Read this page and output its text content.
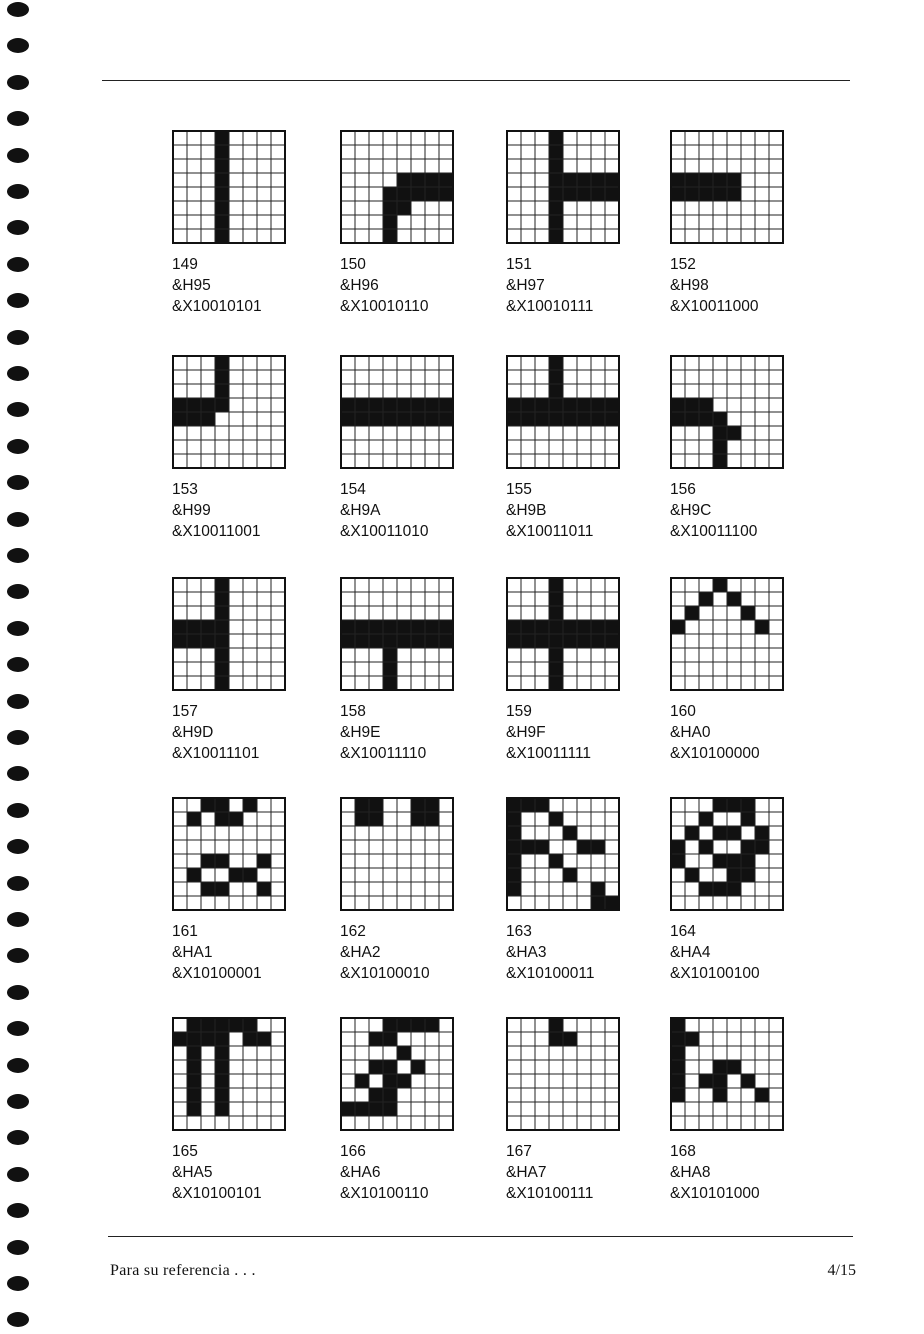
149
&H95
&X10010101
150
&H96
&X10010110
151
&H97
&X10010111
152
&H98
&X10011000
153
&H99
&X10011001
154
&H9A
&X10011010
155
&H9B
&X10011011
156
&H9C
&X10011100
157
&H9D
&X10011101
158
&H9E
&X10011110
159
&H9F
&X10011111
160
&HA0
&X10100000
161
&HA1
&X10100001
162
&HA2
&X10100010
163
&HA3
&X10100011
164
&HA4
&X10100100
165
&HA5
&X10100101
166
&HA6
&X10100110
167
&HA7
&X10100111
168
&HA8
&X10101000
Para su referencia . . .	4/15
